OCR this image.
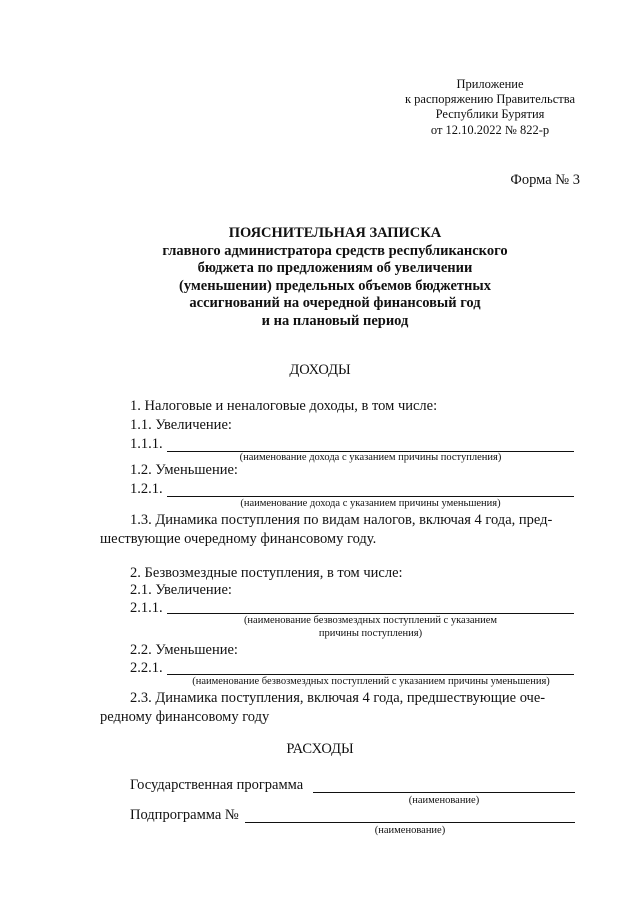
Приложение
к распоряжению Правительства
Республики Бурятия
от 12.10.2022 № 822-р
Форма № 3
ПОЯСНИТЕЛЬНАЯ ЗАПИСКА
главного администратора средств республиканского
бюджета по предложениям об увеличении
(уменьшении) предельных объемов бюджетных
ассигнований на очередной финансовый год
и на плановый период
ДОХОДЫ
1. Налоговые и неналоговые доходы, в том числе:
1.1. Увеличение:
1.1.1.
(наименование дохода с указанием причины поступления)
1.2. Уменьшение:
1.2.1.
(наименование дохода с указанием причины уменьшения)
1.3. Динамика поступления по видам налогов, включая 4 года, пред-
шествующие очередному финансовому году.
2. Безвозмездные поступления, в том числе:
2.1. Увеличение:
2.1.1.
(наименование безвозмездных поступлений с указанием
причины поступления)
2.2. Уменьшение:
2.2.1.
(наименование безвозмездных поступлений с указанием причины уменьшения)
2.3. Динамика поступления, включая 4 года, предшествующие оче-
редному финансовому году
РАСХОДЫ
Государственная программа
(наименование)
Подпрограмма №
(наименование)
